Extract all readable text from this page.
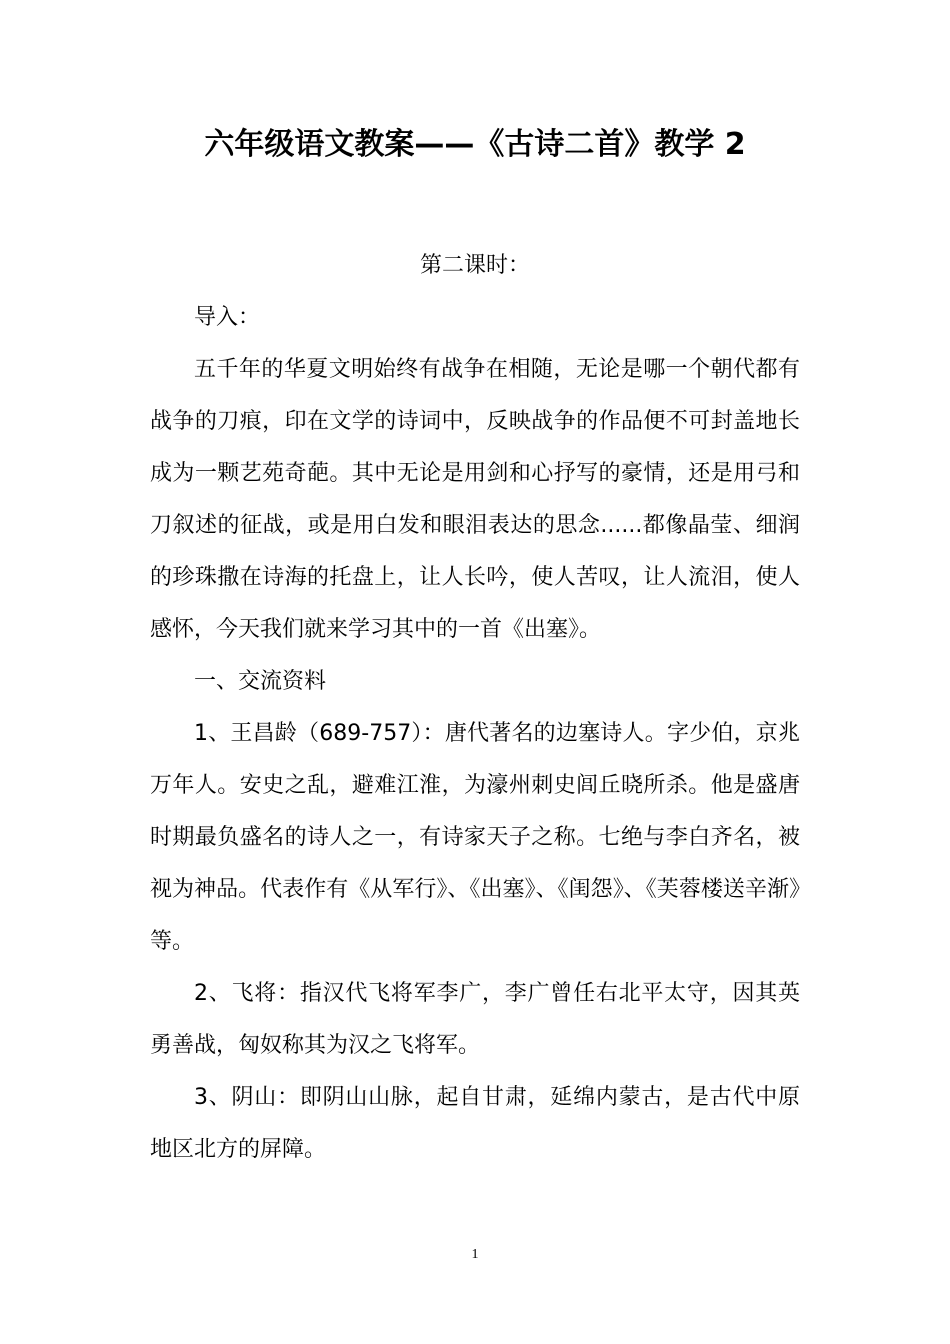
六年级语文教案——《古诗二首》教学 2

第二课时：

导入：

五千年的华夏文明始终有战争在相随，无论是哪一个朝代都有战争的刀痕，印在文学的诗词中，反映战争的作品便不可封盖地长成为一颗艺苑奇葩。其中无论是用剑和心抒写的豪情，还是用弓和刀叙述的征战，或是用白发和眼泪表达的思念......都像晶莹、细润的珍珠撒在诗海的托盘上，让人长吟，使人苦叹，让人流泪，使人感怀，今天我们就来学习其中的一首《出塞》。

一、交流资料

1、王昌龄（689-757）：唐代著名的边塞诗人。字少伯，京兆万年人。安史之乱，避难江淮，为濠州刺史闾丘晓所杀。他是盛唐时期最负盛名的诗人之一，有诗家天子之称。七绝与李白齐名，被视为神品。代表作有《从军行》、《出塞》、《闺怨》、《芙蓉楼送辛渐》等。

2、飞将：指汉代飞将军李广，李广曾任右北平太守，因其英勇善战，匈奴称其为汉之飞将军。

3、阴山：即阴山山脉，起自甘肃，延绵内蒙古，是古代中原地区北方的屏障。

1
